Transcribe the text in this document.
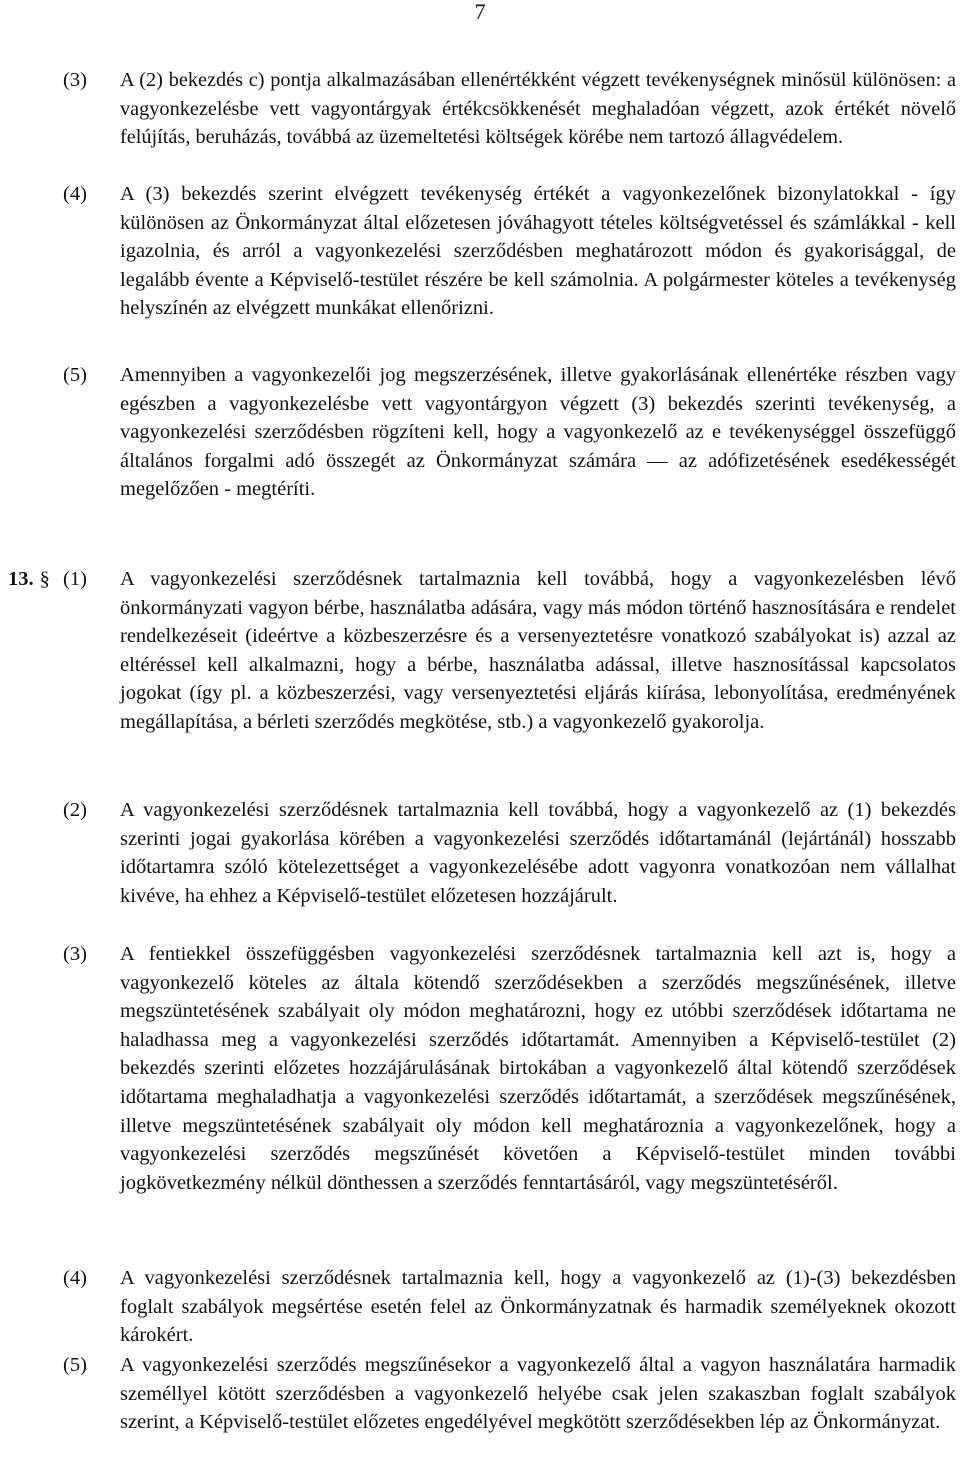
7
(3) A (2) bekezdés c) pontja alkalmazásában ellenértékként végzett tevékenységnek minősül különösen: a vagyonkezelésbe vett vagyontárgyak értékcsökkenését meghaladóan végzett, azok értékét növelő felújítás, beruházás, továbbá az üzemeltetési költségek körébe nem tartozó állagvédelem.
(4) A (3) bekezdés szerint elvégzett tevékenység értékét a vagyonkezelőnek bizonylatokkal - így különösen az Önkormányzat által előzetesen jóváhagyott tételes költségvetéssel és számlákkal - kell igazolnia, és arról a vagyonkezelési szerződésben meghatározott módon és gyakorisággal, de legalább évente a Képviselő-testület részére be kell számolnia. A polgármester köteles a tevékenység helyszínén az elvégzett munkákat ellenőrizni.
(5) Amennyiben a vagyonkezelői jog megszerzésének, illetve gyakorlásának ellenértéke részben vagy egészben a vagyonkezelésbe vett vagyontárgyon végzett (3) bekezdés szerinti tevékenység, a vagyonkezelési szerződésben rögzíteni kell, hogy a vagyonkezelő az e tevékenységgel összefüggő általános forgalmi adó összegét az Önkormányzat számára ― az adófizetésének esedékességét megelőzően - megtéríti.
13. § (1) A vagyonkezelési szerződésnek tartalmaznia kell továbbá, hogy a vagyonkezelésben lévő önkormányzati vagyon bérbe, használatba adására, vagy más módon történő hasznosítására e rendelet rendelkezéseit (ideértve a közbeszerzésre és a versenyeztetésre vonatkozó szabályokat is) azzal az eltéréssel kell alkalmazni, hogy a bérbe, használatba adással, illetve hasznosítással kapcsolatos jogokat (így pl. a közbeszerzési, vagy versenyeztetési eljárás kiírása, lebonyolítása, eredményének megállapítása, a bérleti szerződés megkötése, stb.) a vagyonkezelő gyakorolja.
(2) A vagyonkezelési szerződésnek tartalmaznia kell továbbá, hogy a vagyonkezelő az (1) bekezdés szerinti jogai gyakorlása körében a vagyonkezelési szerződés időtartamánál (lejártánál) hosszabb időtartamra szóló kötelezettséget a vagyonkezelésébe adott vagyonra vonatkozóan nem vállalhat kivéve, ha ehhez a Képviselő-testület előzetesen hozzájárult.
(3) A fentiekkel összefüggésben vagyonkezelési szerződésnek tartalmaznia kell azt is, hogy a vagyonkezelő köteles az általa kötendő szerződésekben a szerződés megszűnésének, illetve megszüntetésének szabályait oly módon meghatározni, hogy ez utóbbi szerződések időtartama ne haladhassa meg a vagyonkezelési szerződés időtartamát. Amennyiben a Képviselő-testület (2) bekezdés szerinti előzetes hozzájárulásának birtokában a vagyonkezelő által kötendő szerződések időtartama meghaladhatja a vagyonkezelési szerződés időtartamát, a szerződések megszűnésének, illetve megszüntetésének szabályait oly módon kell meghatároznia a vagyonkezelőnek, hogy a vagyonkezelési szerződés megszűnését követően a Képviselő-testület minden további jogkövetkezmény nélkül dönthessen a szerződés fenntartásáról, vagy megszüntetéséről.
(4) A vagyonkezelési szerződésnek tartalmaznia kell, hogy a vagyonkezelő az (1)-(3) bekezdésben foglalt szabályok megsértése esetén felel az Önkormányzatnak és harmadik személyeknek okozott károkért.
(5) A vagyonkezelési szerződés megszűnésekor a vagyonkezelő által a vagyon használatára harmadik személlyel kötött szerződésben a vagyonkezelő helyébe csak jelen szakaszban foglalt szabályok szerint, a Képviselő-testület előzetes engedélyével megkötött szerződésekben lép az Önkormányzat.
